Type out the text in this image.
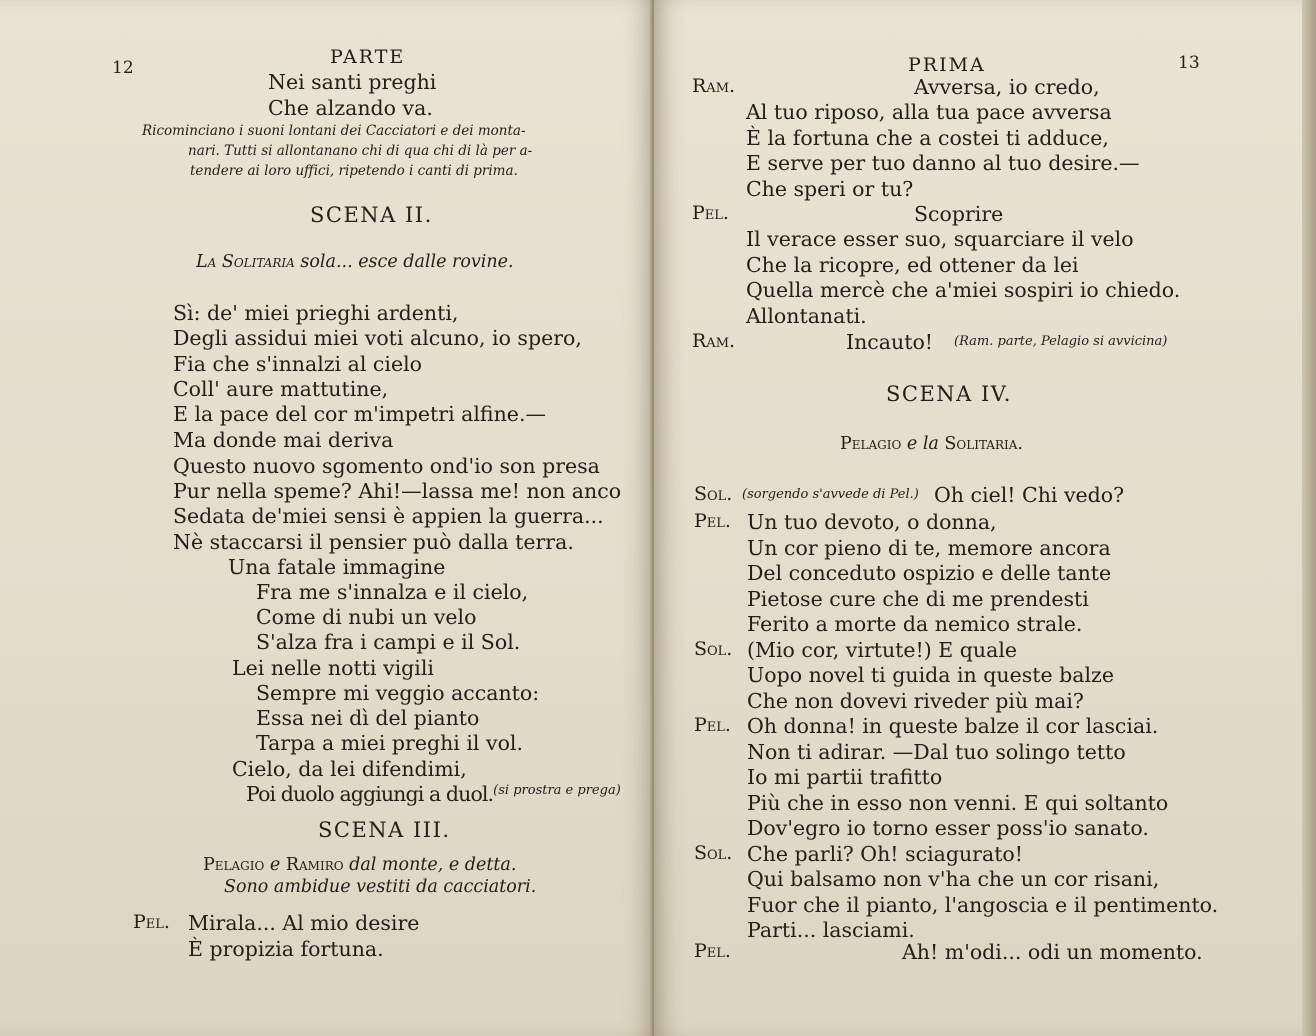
12	PARTE
Nei santi preghi
Che alzando va.
Ricominciano i suoni lontani dei Cacciatori e dei monta-
nari. Tutti si allontanano chi di qua chi di là per a-
tendere ai loro uffici, ripetendo i canti di prima.
SCENA II.
La Solitaria sola... esce dalle rovine.
Sì: de' miei prieghi ardenti,
Degli assidui miei voti alcuno, io spero,
Fia che s'innalzi al cielo
Coll' aure mattutine,
E la pace del cor m'impetri alfine.—
Ma donde mai deriva
Questo nuovo sgomento ond'io son presa
Pur nella speme? Ahi!—lassa me! non anco
Sedata de'miei sensi è appien la guerra...
Nè staccarsi il pensier può dalla terra.
Una fatale immagine
Fra me s'innalza e il cielo,
Come di nubi un velo
S'alza fra i campi e il Sol.
Lei nelle notti vigili
Sempre mi veggio accanto:
Essa nei dì del pianto
Tarpa a miei preghi il vol.
Cielo, da lei difendimi,
Poi duolo aggiungi a duol.$^{(si prostra e prega)}$
SCENA III.
Pelagio e Ramiro dal monte, e detta.
Sono ambidue vestiti da cacciatori.
Pel. Mirala... Al mio desire
È propizia fortuna.
PRIMA	13
Ram.	Avversa, io credo,
Al tuo riposo, alla tua pace avversa
È la fortuna che a costei ti adduce,
E serve per tuo danno al tuo desire.—
Che speri or tu?
Pel.	Scoprire
Il verace esser suo, squarciare il velo
Che la ricopre, ed ottener da lei
Quella mercè che a'miei sospiri io chiedo.
Allontanati.
Ram.	Incauto! (Ram. parte, Pelagio si avvicina)
SCENA IV.
Pelagio e la Solitaria.
Sol. (sorgendo s'avvede di Pel.) Oh ciel! Chi vedo?
Pel. Un tuo devoto, o donna,
Un cor pieno di te, memore ancora
Del conceduto ospizio e delle tante
Pietose cure che di me prendesti
Ferito a morte da nemico strale.
Sol. (Mio cor, virtute!) E quale
Uopo novel ti guida in queste balze
Che non dovevi riveder più mai?
Pel. Oh donna! in queste balze il cor lasciai.
Non ti adirar. —Dal tuo solingo tetto
Io mi partii trafitto
Più che in esso non venni. E qui soltanto
Dov'egro io torno esser poss'io sanato.
Sol. Che parli? Oh! sciagurato!
Qui balsamo non v'ha che un cor risani,
Fuor che il pianto, l'angoscia e il pentimento.
Parti... lasciami.
Pel.	Ah! m'odi... odi un momento.
